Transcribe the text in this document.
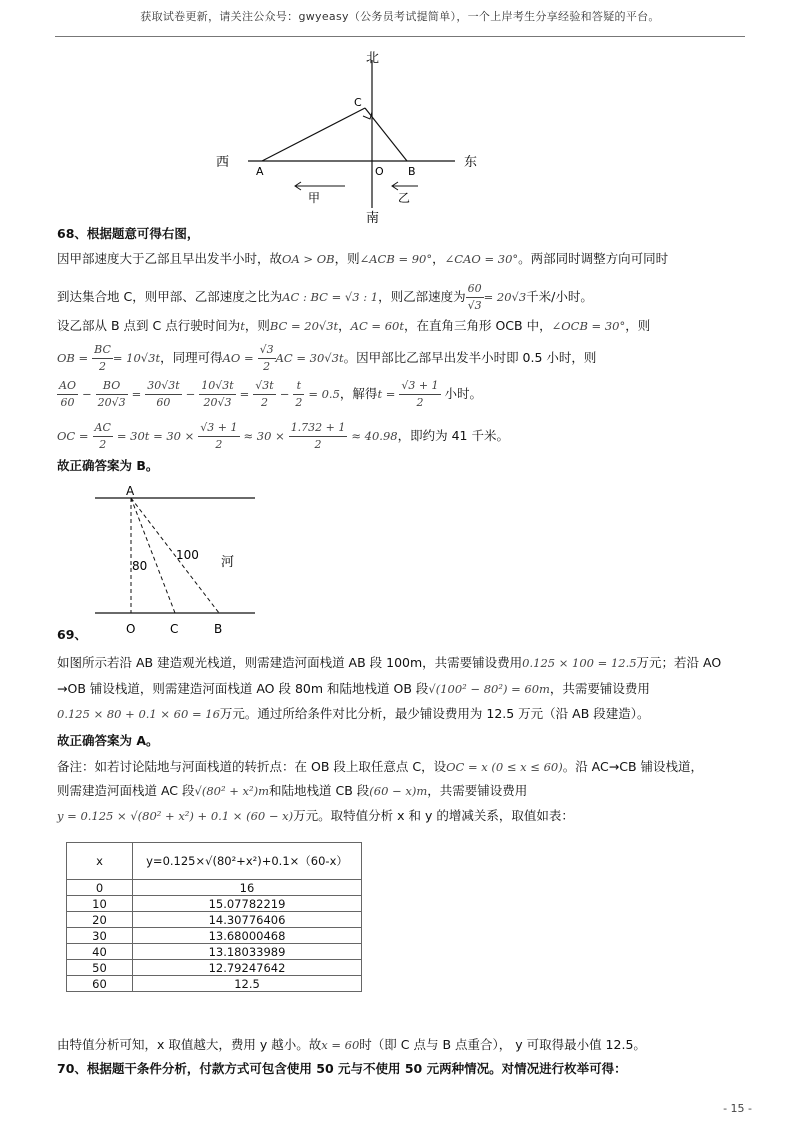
获取试卷更新，请关注公众号：gwyeasy（公务员考试提简单），一个上岸考生分享经验和答疑的平台。
北
南
西	东
C
A	O B
甲	乙
68、根据题意可得右图，
因甲部速度大于乙部且早出发半小时，故OA > OB，则∠ACB = 90°，∠CAO = 30°。两部同时调整方向可同时
到达集合地 C，则甲部、乙部速度之比为AC : BC = √3 : 1，则乙部速度为 $\frac{60}{√3} = 20√3$千米/小时。
设乙部从 B 点到 C 点行驶时间为t，则BC = 20√3t，AC = 60t，在直角三角形 OCB 中，∠OCB = 30°，则
OB = $\frac{BC}{2} = 10√3t$，同理可得AO = $\frac{√3}{2}$ AC = 30√3t。因甲部比乙部早出发半小时即 0.5 小时，则
$\frac{AO}{60} - \frac{BO}{20√3} = \frac{30√3t}{60} - \frac{10√3t}{20√3} = \frac{√3t}{2} - \frac{t}{2} = 0.5$，解得$t = \frac{√3 + 1}{2}$ 小时。
OC = $\frac{AC}{2} = 30t = 30 \times \frac{√3 + 1}{2} \approx 30 \times \frac{1.732 + 1}{2} \approx 40.98$，即约为 41 千米。
故正确答案为 B。
A
80
100 河
O	C	B
69、
如图所示若沿 AB 建造观光栈道，则需建造河面栈道 AB 段 100m，共需要铺设费用0.125 × 100 = 12.5万元；若沿 AO
→OB 铺设栈道，则需建造河面栈道 AO 段 80m 和陆地栈道 OB 段√(100² − 80²) = 60m，共需要铺设费用
0.125 × 80 + 0.1 × 60 = 16万元。通过所给条件对比分析，最少铺设费用为 12.5 万元（沿 AB 段建造）。
故正确答案为 A。
备注：如若讨论陆地与河面栈道的转折点：在 OB 段上取任意点 C，设OC = x (0 ≤ x ≤ 60)。沿 AC→CB 铺设栈道，
则需建造河面栈道 AC 段√(80² + x²)m和陆地栈道 CB 段(60 − x)m，共需要铺设费用
y = 0.125 × √(80² + x²) + 0.1 × (60 − x)万元。取特值分析 x 和 y 的增减关系，取值如表：
x	y=0.125×√(80²+x²)+0.1×（60-x）
0	16
10	15.07782219
20	14.30776406
30	13.68000468
40	13.18033989
50	12.79247642
60	12.5
由特值分析可知，x 取值越大，费用 y 越小。故x = 60时（即 C 点与 B 点重合）， y 可取得最小值 12.5。
70、根据题干条件分析，付款方式可包含使用 50 元与不使用 50 元两种情况。对情况进行枚举可得：
- 15 -
